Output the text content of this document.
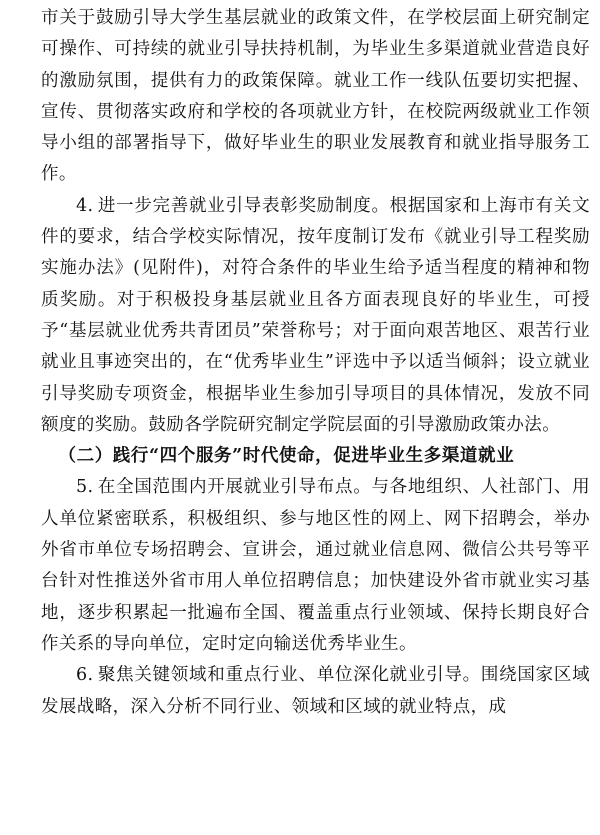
市关于鼓励引导大学生基层就业的政策文件，在学校层面上研究制定可操作、可持续的就业引导扶持机制，为毕业生多渠道就业营造良好的激励氛围，提供有力的政策保障。就业工作一线队伍要切实把握、宣传、贯彻落实政府和学校的各项就业方针，在校院两级就业工作领导小组的部署指导下，做好毕业生的职业发展教育和就业指导服务工作。

4. 进一步完善就业引导表彰奖励制度。根据国家和上海市有关文件的要求，结合学校实际情况，按年度制订发布《就业引导工程奖励实施办法》(见附件)，对符合条件的毕业生给予适当程度的精神和物质奖励。对于积极投身基层就业且各方面表现良好的毕业生，可授予“基层就业优秀共青团员”荣誉称号；对于面向艰苦地区、艰苦行业就业且事迹突出的，在“优秀毕业生”评选中予以适当倾斜；设立就业引导奖励专项资金，根据毕业生参加引导项目的具体情况，发放不同额度的奖励。鼓励各学院研究制定学院层面的引导激励政策办法。

（二）践行“四个服务”时代使命，促进毕业生多渠道就业

5. 在全国范围内开展就业引导布点。与各地组织、人社部门、用人单位紧密联系，积极组织、参与地区性的网上、网下招聘会，举办外省市单位专场招聘会、宣讲会，通过就业信息网、微信公共号等平台针对性推送外省市用人单位招聘信息；加快建设外省市就业实习基地，逐步积累起一批遍布全国、覆盖重点行业领域、保持长期良好合作关系的导向单位，定时定向输送优秀毕业生。

6. 聚焦关键领域和重点行业、单位深化就业引导。围绕国家区域发展战略，深入分析不同行业、领域和区域的就业特点，成
